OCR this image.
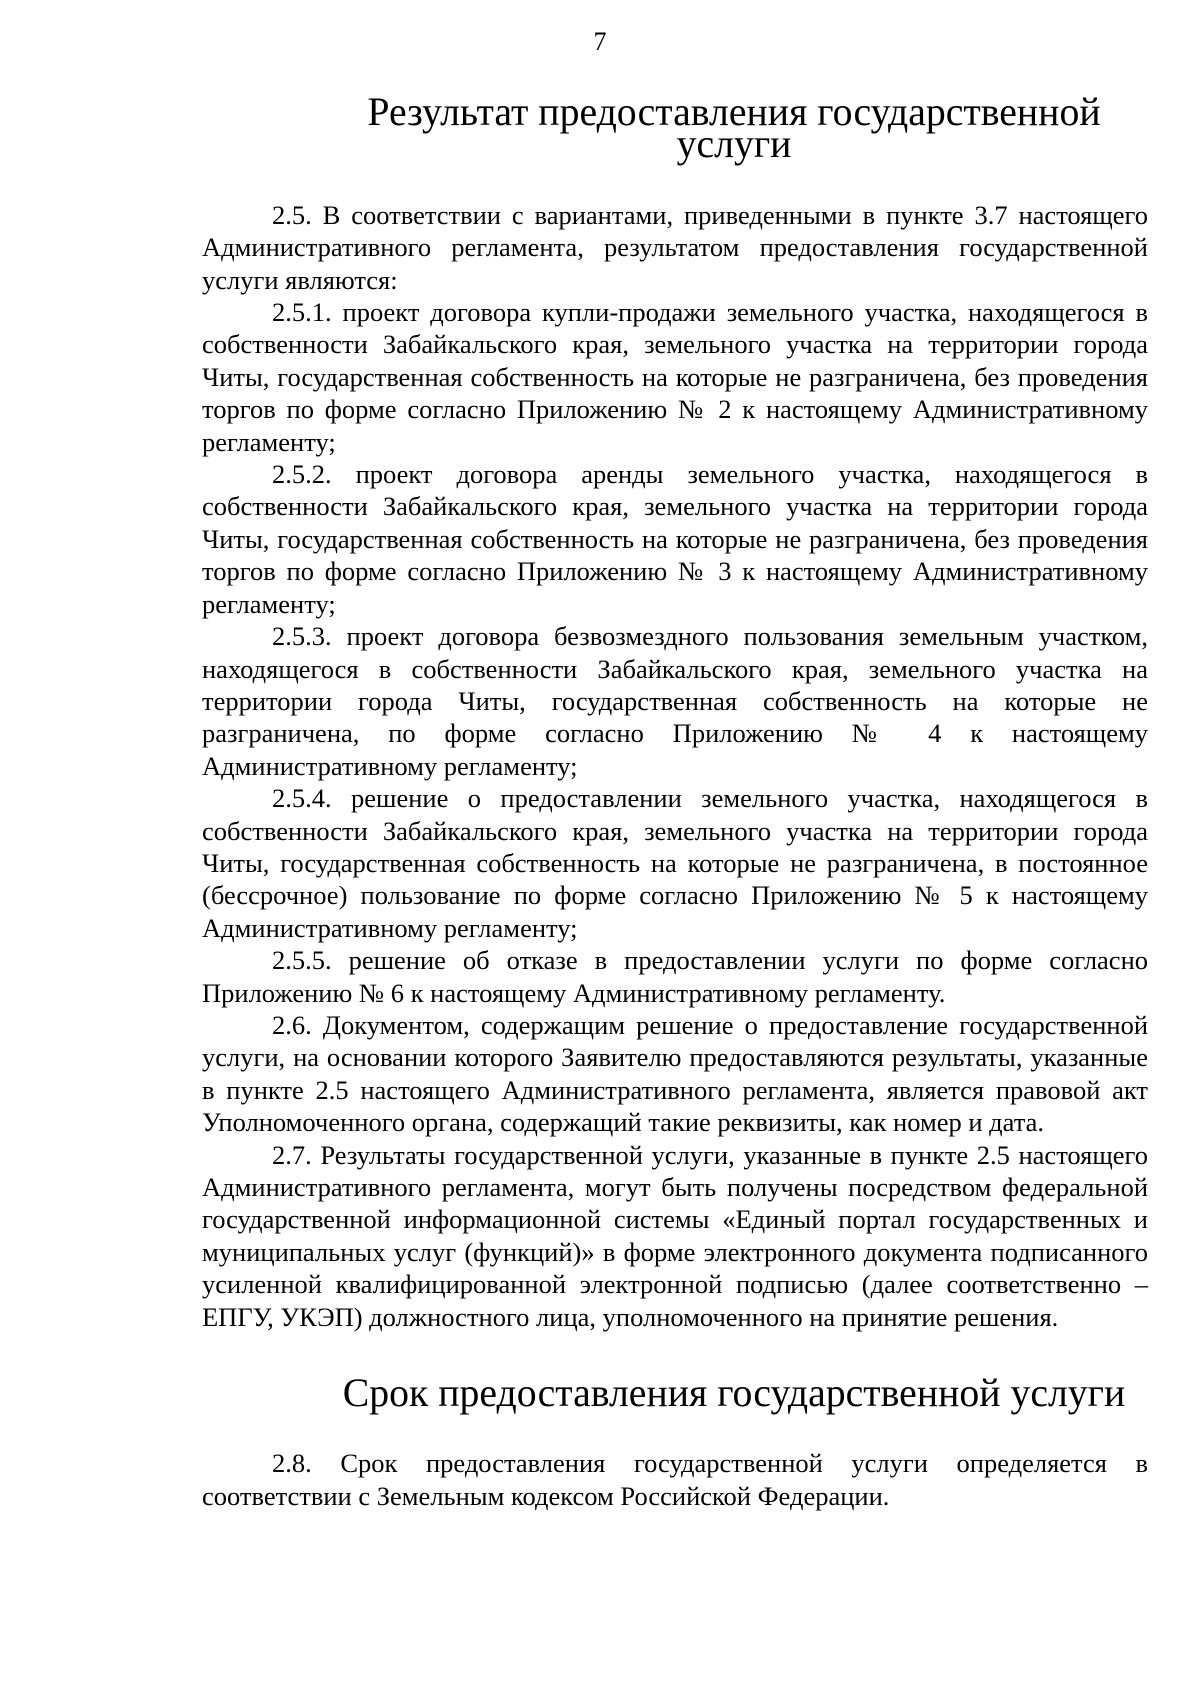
7
Результат предоставления государственной услуги

2.5. В соответствии с вариантами, приведенными в пункте 3.7 настоящего Административного регламента, результатом предоставления государственной услуги являются:

2.5.1. проект договора купли-продажи земельного участка, находящегося в собственности Забайкальского края, земельного участка на территории города Читы, государственная собственность на которые не разграничена, без проведения торгов по форме согласно Приложению № 2 к настоящему Административному регламенту;

2.5.2. проект договора аренды земельного участка, находящегося в собственности Забайкальского края, земельного участка на территории города Читы, государственная собственность на которые не разграничена, без проведения торгов по форме согласно Приложению № 3 к настоящему Административному регламенту;

2.5.3. проект договора безвозмездного пользования земельным участком, находящегося в собственности Забайкальского края, земельного участка на территории города Читы, государственная собственность на которые не разграничена, по форме согласно Приложению № 4 к настоящему Административному регламенту;

2.5.4. решение о предоставлении земельного участка, находящегося в собственности Забайкальского края, земельного участка на территории города Читы, государственная собственность на которые не разграничена, в постоянное (бессрочное) пользование по форме согласно Приложению № 5 к настоящему Административному регламенту;

2.5.5. решение об отказе в предоставлении услуги по форме согласно Приложению № 6 к настоящему Административному регламенту.

2.6. Документом, содержащим решение о предоставление государственной услуги, на основании которого Заявителю предоставляются результаты, указанные в пункте 2.5 настоящего Административного регламента, является правовой акт Уполномоченного органа, содержащий такие реквизиты, как номер и дата.

2.7. Результаты государственной услуги, указанные в пункте 2.5 настоящего Административного регламента, могут быть получены посредством федеральной государственной информационной системы «Единый портал государственных и муниципальных услуг (функций)» в форме электронного документа подписанного усиленной квалифицированной электронной подписью (далее соответственно – ЕПГУ, УКЭП) должностного лица, уполномоченного на принятие решения.

Срок предоставления государственной услуги

2.8. Срок предоставления государственной услуги определяется в соответствии с Земельным кодексом Российской Федерации.
